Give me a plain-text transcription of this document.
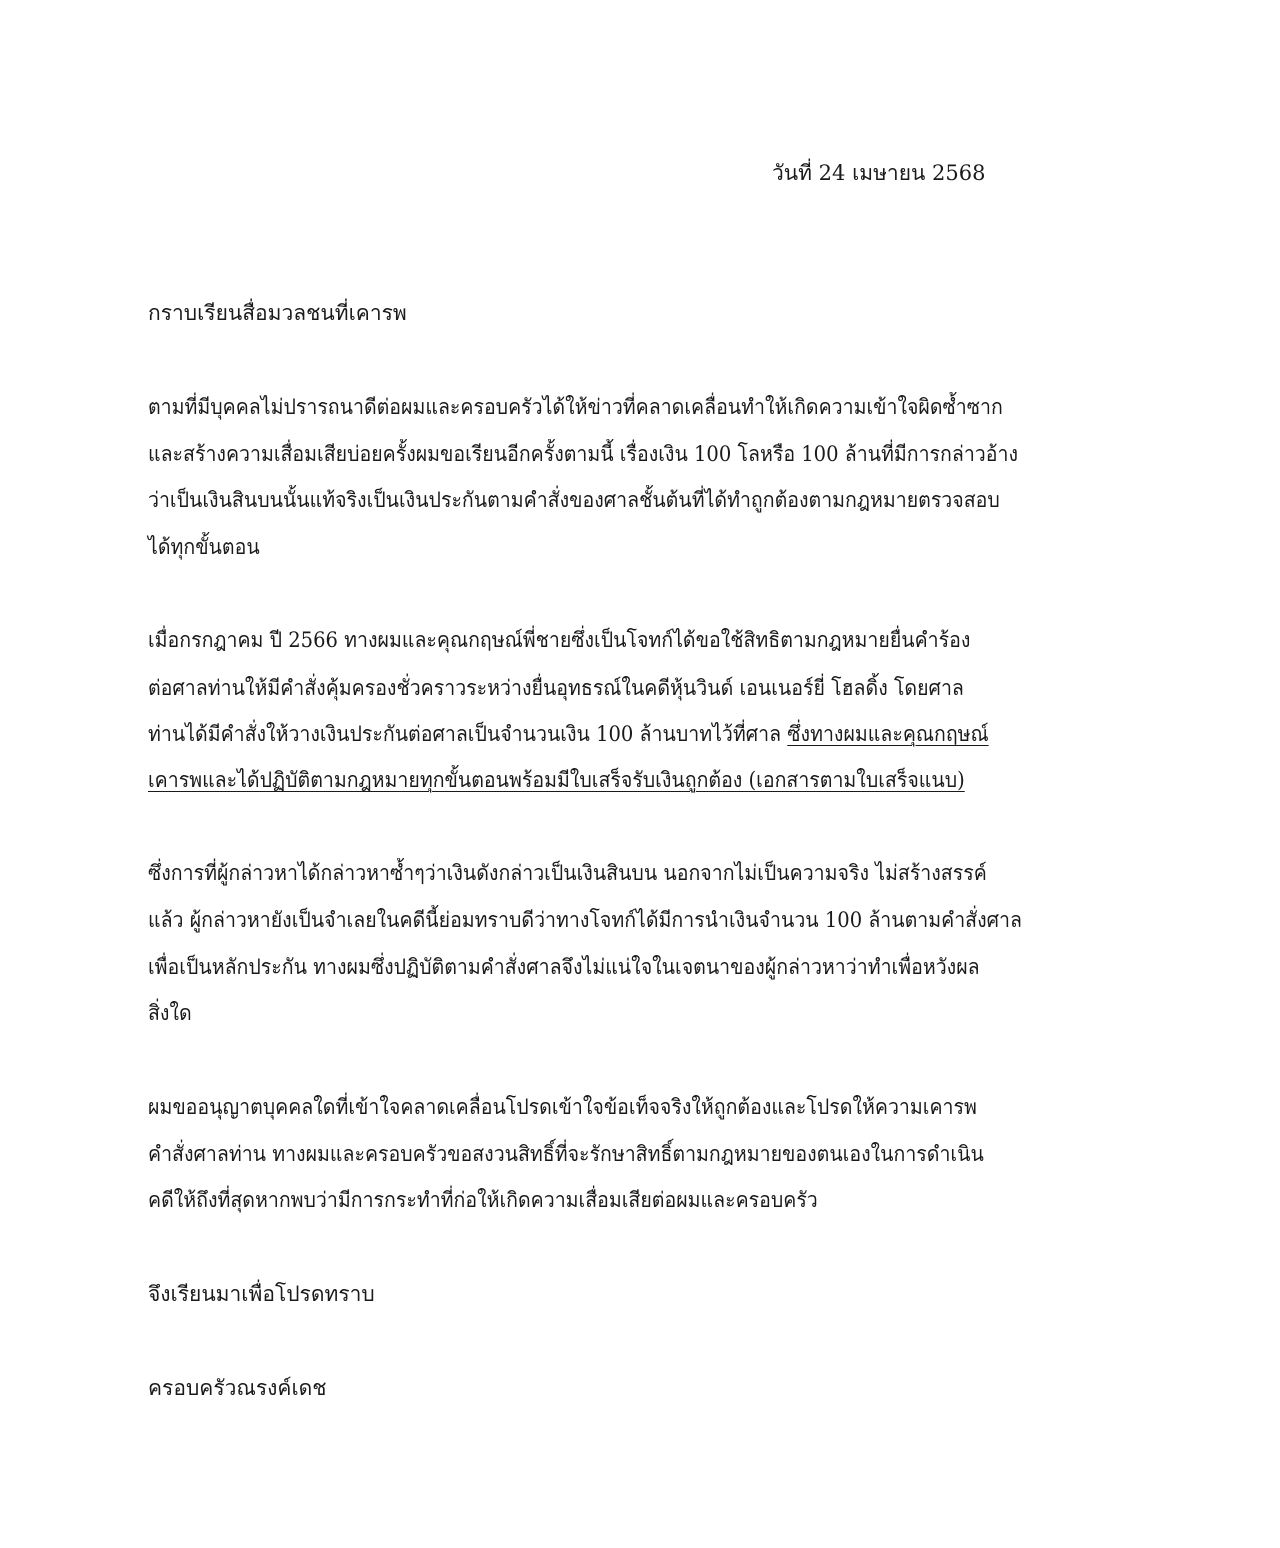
วันที่ 24 เมษายน 2568
กราบเรียนสื่อมวลชนที่เคารพ
ตามที่มีบุคคลไม่ปรารถนาดีต่อผมและครอบครัวได้ให้ข่าวที่คลาดเคลื่อนทำให้เกิดความเข้าใจผิดซ้ำซาก
และสร้างความเสื่อมเสียบ่อยครั้งผมขอเรียนอีกครั้งตามนี้ เรื่องเงิน 100 โลหรือ 100 ล้านที่มีการกล่าวอ้าง
ว่าเป็นเงินสินบนนั้นแท้จริงเป็นเงินประกันตามคำสั่งของศาลชั้นต้นที่ได้ทำถูกต้องตามกฎหมายตรวจสอบ
ได้ทุกขั้นตอน
เมื่อกรกฎาคม ปี 2566 ทางผมและคุณกฤษณ์พี่ชายซึ่งเป็นโจทก์ได้ขอใช้สิทธิตามกฎหมายยื่นคำร้อง
ต่อศาลท่านให้มีคำสั่งคุ้มครองชั่วคราวระหว่างยื่นอุทธรณ์ในคดีหุ้นวินด์ เอนเนอร์ยี่ โฮลดิ้ง โดยศาล
ท่านได้มีคำสั่งให้วางเงินประกันต่อศาลเป็นจำนวนเงิน 100 ล้านบาทไว้ที่ศาล ซึ่งทางผมและคุณกฤษณ์
เคารพและได้ปฏิบัติตามกฎหมายทุกขั้นตอนพร้อมมีใบเสร็จรับเงินถูกต้อง (เอกสารตามใบเสร็จแนบ)
ซึ่งการที่ผู้กล่าวหาได้กล่าวหาซ้ำๆว่าเงินดังกล่าวเป็นเงินสินบน นอกจากไม่เป็นความจริง ไม่สร้างสรรค์
แล้ว ผู้กล่าวหายังเป็นจำเลยในคดีนี้ย่อมทราบดีว่าทางโจทก์ได้มีการนำเงินจำนวน 100 ล้านตามคำสั่งศาล
เพื่อเป็นหลักประกัน ทางผมซึ่งปฏิบัติตามคำสั่งศาลจึงไม่แน่ใจในเจตนาของผู้กล่าวหาว่าทำเพื่อหวังผล
สิ่งใด
ผมขออนุญาตบุคคลใดที่เข้าใจคลาดเคลื่อนโปรดเข้าใจข้อเท็จจริงให้ถูกต้องและโปรดให้ความเคารพ
คำสั่งศาลท่าน ทางผมและครอบครัวขอสงวนสิทธิ์ที่จะรักษาสิทธิ์ตามกฎหมายของตนเองในการดำเนิน
คดีให้ถึงที่สุดหากพบว่ามีการกระทำที่ก่อให้เกิดความเสื่อมเสียต่อผมและครอบครัว
จึงเรียนมาเพื่อโปรดทราบ
ครอบครัวณรงค์เดช
